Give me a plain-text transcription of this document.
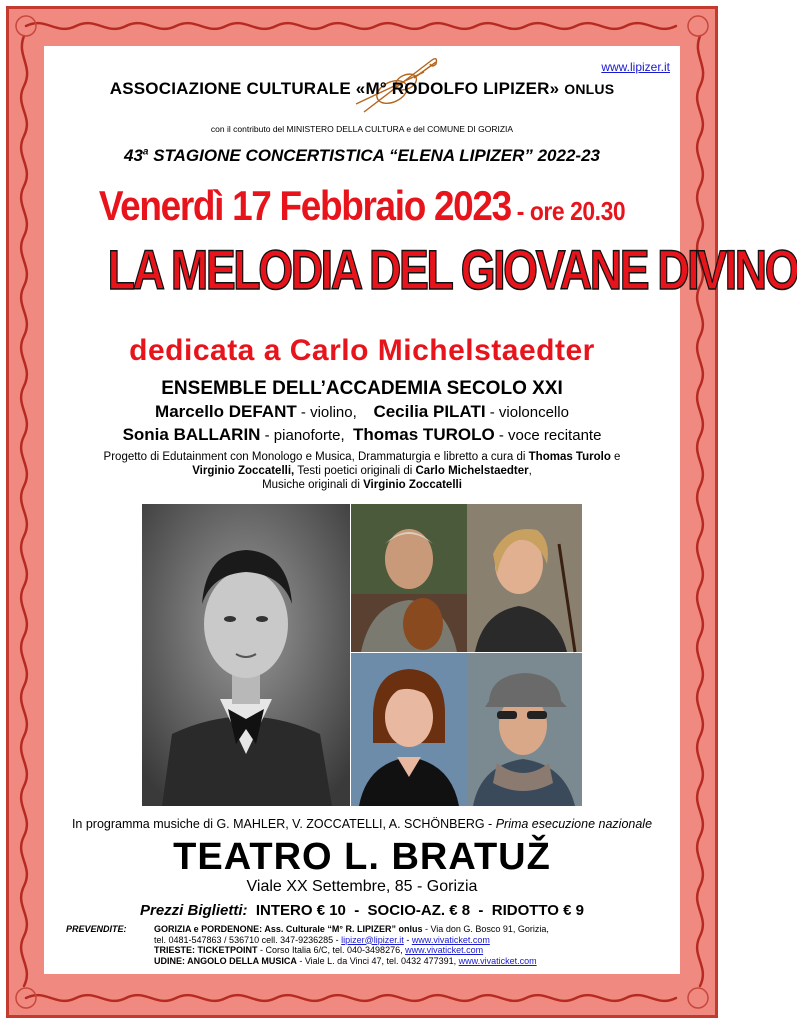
www.lipizer.it
ASSOCIAZIONE CULTURALE «M° RODOLFO LIPIZER» ONLUS
con il contributo del MINISTERO DELLA CULTURA e del COMUNE DI GORIZIA
43$^a$ STAGIONE CONCERTISTICA “ELENA LIPIZER” 2022-23
Venerdì 17 Febbraio 2023 - ore 20.30
LA MELODIA DEL GIOVANE DIVINO
dedicata a Carlo Michelstaedter
ENSEMBLE DELL’ACCADEMIA SECOLO XXI
Marcello DEFANT - violino, Cecilia PILATI - violoncello
Sonia BALLARIN - pianoforte, Thomas TUROLO - voce recitante
Progetto di Edutainment con Monologo e Musica, Drammaturgia e libretto a cura di Thomas Turolo e
Virginio Zoccatelli, Testi poetici originali di Carlo Michelstaedter,
Musiche originali di Virginio Zoccatelli
In programma musiche di G. MAHLER, V. ZOCCATELLI, A. SCHÖNBERG - Prima esecuzione nazionale
TEATRO L. BRATUŽ
Viale XX Settembre, 85 - Gorizia
Prezzi Biglietti: INTERO € 10  -  SOCIO-AZ. € 8  -  RIDOTTO € 9
PREVENDITE:	GORIZIA e PORDENONE: Ass. Culturale “M° R. LIPIZER” onlus - Via don G. Bosco 91, Gorizia,
tel. 0481-547863 / 536710 cell. 347-9236285 - lipizer@lipizer.it - www.vivaticket.com
TRIESTE: TICKETPOINT - Corso Italia 6/C, tel. 040-3498276, www.vivaticket.com
UDINE: ANGOLO DELLA MUSICA - Viale L. da Vinci 47, tel. 0432 477391, www.vivaticket.com
